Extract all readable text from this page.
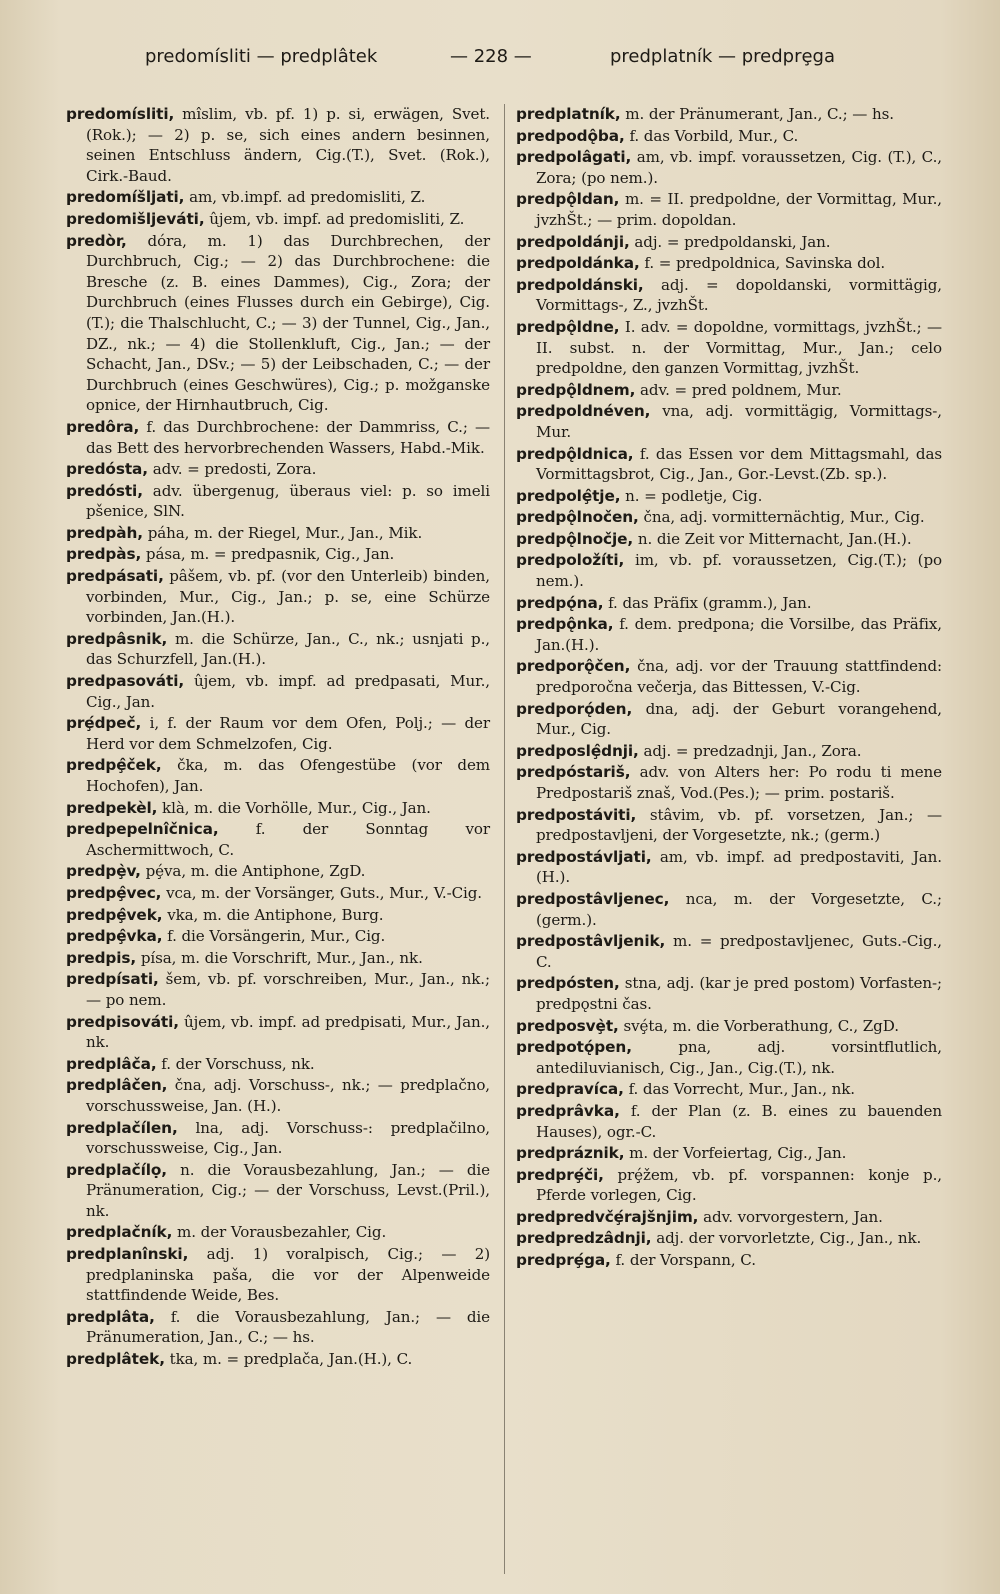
predomísliti — predplâtek	— 228 —	predplatník — predprȩga

predomísliti, mîslim, vb. pf. 1) p. si, erwägen, Svet.(Rok.); — 2) p. se, sich eines andern besinnen, seinen Entschluss ändern, Cig.(T.), Svet. (Rok.), Cirk.-Baud.

predomíšljati, am, vb.impf. ad predomisliti, Z.

predomišljeváti, ûjem, vb. impf. ad predomisliti, Z.

predòr, dóra, m. 1) das Durchbrechen, der Durchbruch, Cig.; — 2) das Durchbrochene: die Bresche (z. B. eines Dammes), Cig., Zora; der Durchbruch (eines Flusses durch ein Gebirge), Cig.(T.); die Thalschlucht, C.; — 3) der Tunnel, Cig., Jan., DZ., nk.; — 4) die Stollenkluft, Cig., Jan.; — der Schacht, Jan., DSv.; — 5) der Leibschaden, C.; — der Durchbruch (eines Geschwüres), Cig.; p. možganske opnice, der Hirnhautbruch, Cig.

predôra, f. das Durchbrochene: der Dammriss, C.; — das Bett des hervorbrechenden Wassers, Habd.-Mik.

predósta, adv. = predosti, Zora.

predósti, adv. übergenug, überaus viel: p. so imeli pšenice, SlN.

predpàh, páha, m. der Riegel, Mur., Jan., Mik.

predpàs, pása, m. = predpasnik, Cig., Jan.

predpásati, pâšem, vb. pf. (vor den Unterleib) binden, vorbinden, Mur., Cig., Jan.; p. se, eine Schürze vorbinden, Jan.(H.).

predpâsnik, m. die Schürze, Jan., C., nk.; usnjati p., das Schurzfell, Jan.(H.).

predpasováti, ûjem, vb. impf. ad predpasati, Mur., Cig., Jan.

prȩ́dpeč, i, f. der Raum vor dem Ofen, Polj.; — der Herd vor dem Schmelzofen, Cig.

predpȩ̂ček, čka, m. das Ofengestübe (vor dem Hochofen), Jan.

predpekèl, klà, m. die Vorhölle, Mur., Cig., Jan.

predpepelnîčnica, f. der Sonntag vor Aschermittwoch, C.

predpȩ̀v, pȩ́va, m. die Antiphone, ZgD.

predpȩ̂vec, vca, m. der Vorsänger, Guts., Mur., V.-Cig.

predpȩ̂vek, vka, m. die Antiphone, Burg.

predpȩ̂vka, f. die Vorsängerin, Mur., Cig.

predpis, písa, m. die Vorschrift, Mur., Jan., nk.

predpísati, šem, vb. pf. vorschreiben, Mur., Jan., nk.; — po nem.

predpisováti, ûjem, vb. impf. ad predpisati, Mur., Jan., nk.

predplâča, f. der Vorschuss, nk.

predplâčen, čna, adj. Vorschuss-, nk.; — predplačno, vorschussweise, Jan. (H.).

predplačílen, lna, adj. Vorschuss-: predplačilno, vorschussweise, Cig., Jan.

predplačílọ, n. die Vorausbezahlung, Jan.; — die Pränumeration, Cig.; — der Vorschuss, Levst.(Pril.), nk.

predplačník, m. der Vorausbezahler, Cig.

predplanînski, adj. 1) voralpisch, Cig.; — 2) predplaninska paša, die vor der Alpenweide stattfindende Weide, Bes.

predplâta, f. die Vorausbezahlung, Jan.; — die Pränumeration, Jan., C.; — hs.

predplâtek, tka, m. = predplača, Jan.(H.), C.

predplatník, m. der Pränumerant, Jan., C.; — hs.

predpodǫ̂ba, f. das Vorbild, Mur., C.

predpolâgati, am, vb. impf. voraussetzen, Cig. (T.), C., Zora; (po nem.).

predpǫ̂ldan, m. = II. predpoldne, der Vormittag, Mur., jvzhŠt.; — prim. dopoldan.

predpoldánji, adj. = predpoldanski, Jan.

predpoldánka, f. = predpoldnica, Savinska dol.

predpoldánski, adj. = dopoldanski, vormittägig, Vormittags-, Z., jvzhŠt.

predpǫ̂ldne, I. adv. = dopoldne, vormittags, jvzhŠt.; — II. subst. n. der Vormittag, Mur., Jan.; celo predpoldne, den ganzen Vormittag, jvzhŠt.

predpǫ̂ldnem, adv. = pred poldnem, Mur.

predpoldnéven, vna, adj. vormittägig, Vormittags-, Mur.

predpǫ̂ldnica, f. das Essen vor dem Mittagsmahl, das Vormittagsbrot, Cig., Jan., Gor.-Levst.(Zb. sp.).

predpolȩ̂tje, n. = podletje, Cig.

predpǫ̂lnočen, čna, adj. vormitternächtig, Mur., Cig.

predpǫ̂lnočje, n. die Zeit vor Mitternacht, Jan.(H.).

predpoložíti, im, vb. pf. voraussetzen, Cig.(T.); (po nem.).

predpǫ́na, f. das Präfix (gramm.), Jan.

predpǫ̂nka, f. dem. predpona; die Vorsilbe, das Präfix, Jan.(H.).

predporǫ̂čen, čna, adj. vor der Trauung stattfindend: predporočna večerja, das Bittessen, V.-Cig.

predporǫ́den, dna, adj. der Geburt vorangehend, Mur., Cig.

predposlȩ̂dnji, adj. = predzadnji, Jan., Zora.

predpóstariš, adv. von Alters her: Po rodu ti mene Predpostariš znaš, Vod.(Pes.); — prim. postariš.

predpostáviti, stâvim, vb. pf. vorsetzen, Jan.; — predpostavljeni, der Vorgesetzte, nk.; (germ.)

predpostávljati, am, vb. impf. ad predpostaviti, Jan.(H.).

predpostâvljenec, nca, m. der Vorgesetzte, C.; (germ.).

predpostâvljenik, m. = predpostavljenec, Guts.-Cig., C.

predpósten, stna, adj. (kar je pred postom) Vorfasten-; predpǫstni čas.

predposvȩ̀t, svȩ́ta, m. die Vorberathung, C., ZgD.

predpotǫ́pen,	pna, adj. vorsintflutlich, antediluvianisch, Cig., Jan., Cig.(T.), nk.

predpravíca, f. das Vorrecht, Mur., Jan., nk.

predprâvka, f. der Plan (z. B. eines zu bauenden Hauses), ogr.-C.

predpráznik, m. der Vorfeiertag, Cig., Jan.

predprȩ́či, prȩ́žem, vb. pf. vorspannen: konje p., Pferde vorlegen, Cig.

predpredvčȩ́rajšnjim, adv. vorvorgestern, Jan.

predpredzâdnji, adj. der vorvorletzte, Cig., Jan., nk.

predprȩ́ga, f. der Vorspann, C.
